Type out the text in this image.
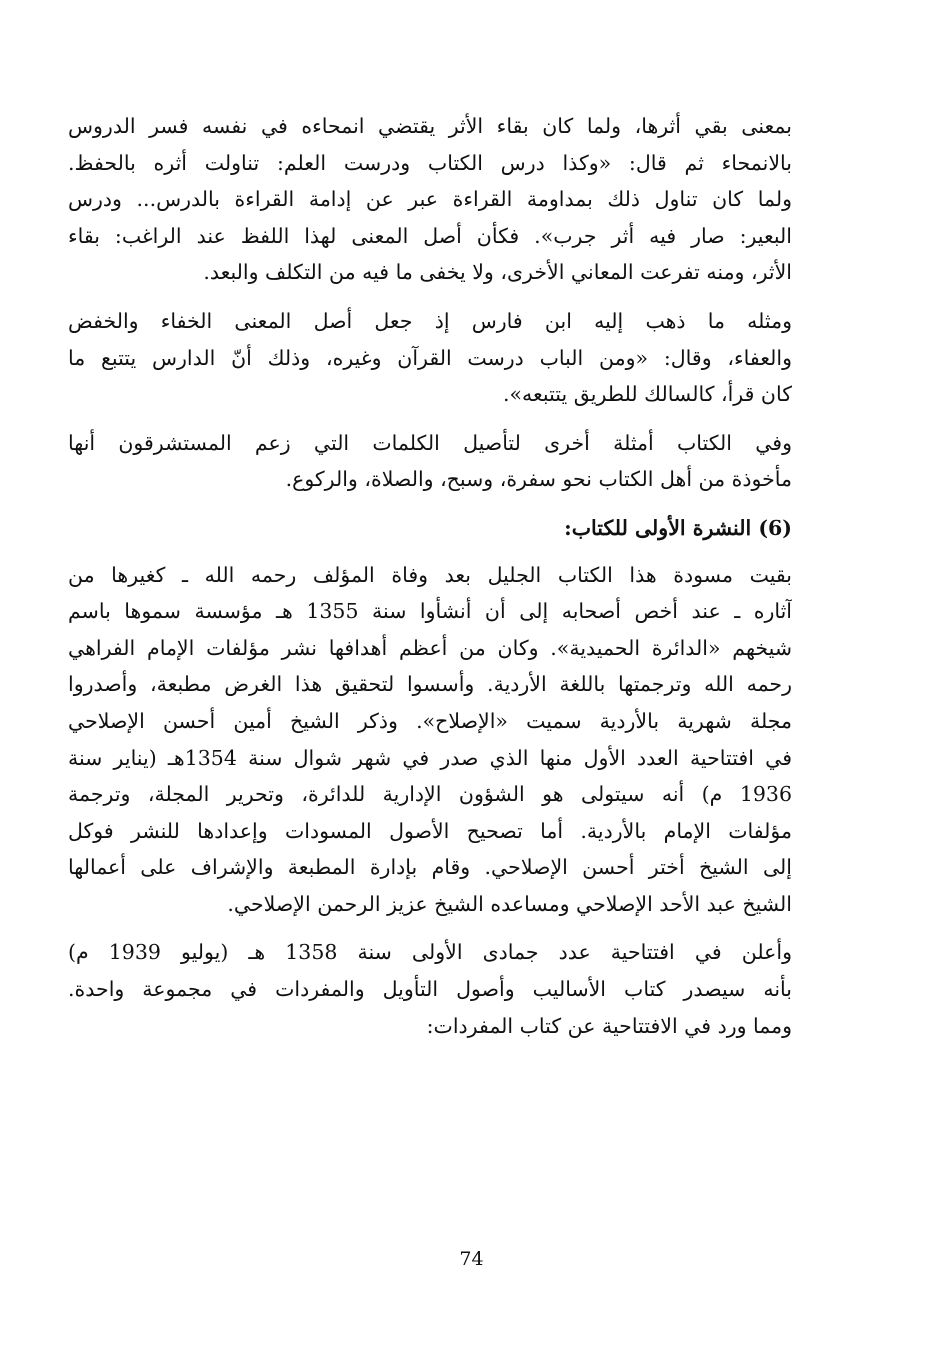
بمعنى بقي أثرها، ولما كان بقاء الأثر يقتضي انمحاءه في نفسه فسر الدروس
بالانمحاء ثم قال: «وكذا درس الكتاب ودرست العلم: تناولت أثره بالحفظ.
ولما كان تناول ذلك بمداومة القراءة عبر عن إدامة القراءة بالدرس... ودرس
البعير: صار فيه أثر جرب». فكأن أصل المعنى لهذا اللفظ عند الراغب: بقاء
الأثر، ومنه تفرعت المعاني الأخرى، ولا يخفى ما فيه من التكلف والبعد.
ومثله ما ذهب إليه ابن فارس إذ جعل أصل المعنى الخفاء والخفض
والعفاء، وقال: «ومن الباب درست القرآن وغيره، وذلك أنّ الدارس يتتبع ما
كان قرأ، كالسالك للطريق يتتبعه».
وفي الكتاب أمثلة أخرى لتأصيل الكلمات التي زعم المستشرقون أنها
مأخوذة من أهل الكتاب نحو سفرة، وسبح، والصلاة، والركوع.
(6) النشرة الأولى للكتاب:
بقيت مسودة هذا الكتاب الجليل بعد وفاة المؤلف رحمه الله ـ كغيرها من
آثاره ـ عند أخص أصحابه إلى أن أنشأوا سنة 1355 هـ مؤسسة سموها باسم
شيخهم «الدائرة الحميدية». وكان من أعظم أهدافها نشر مؤلفات الإمام الفراهي
رحمه الله وترجمتها باللغة الأردية. وأسسوا لتحقيق هذا الغرض مطبعة، وأصدروا
مجلة شهرية بالأردية سميت «الإصلاح». وذكر الشيخ أمين أحسن الإصلاحي
في افتتاحية العدد الأول منها الذي صدر في شهر شوال سنة 1354هـ (يناير سنة
1936 م) أنه سيتولى هو الشؤون الإدارية للدائرة، وتحرير المجلة، وترجمة
مؤلفات الإمام بالأردية. أما تصحيح الأصول المسودات وإعدادها للنشر فوكل
إلى الشيخ أختر أحسن الإصلاحي. وقام بإدارة المطبعة والإشراف على أعمالها
الشيخ عبد الأحد الإصلاحي ومساعده الشيخ عزيز الرحمن الإصلاحي.
وأعلن في افتتاحية عدد جمادى الأولى سنة 1358 هـ (يوليو 1939 م)
بأنه سيصدر كتاب الأساليب وأصول التأويل والمفردات في مجموعة واحدة.
ومما ورد في الافتتاحية عن كتاب المفردات:
74
